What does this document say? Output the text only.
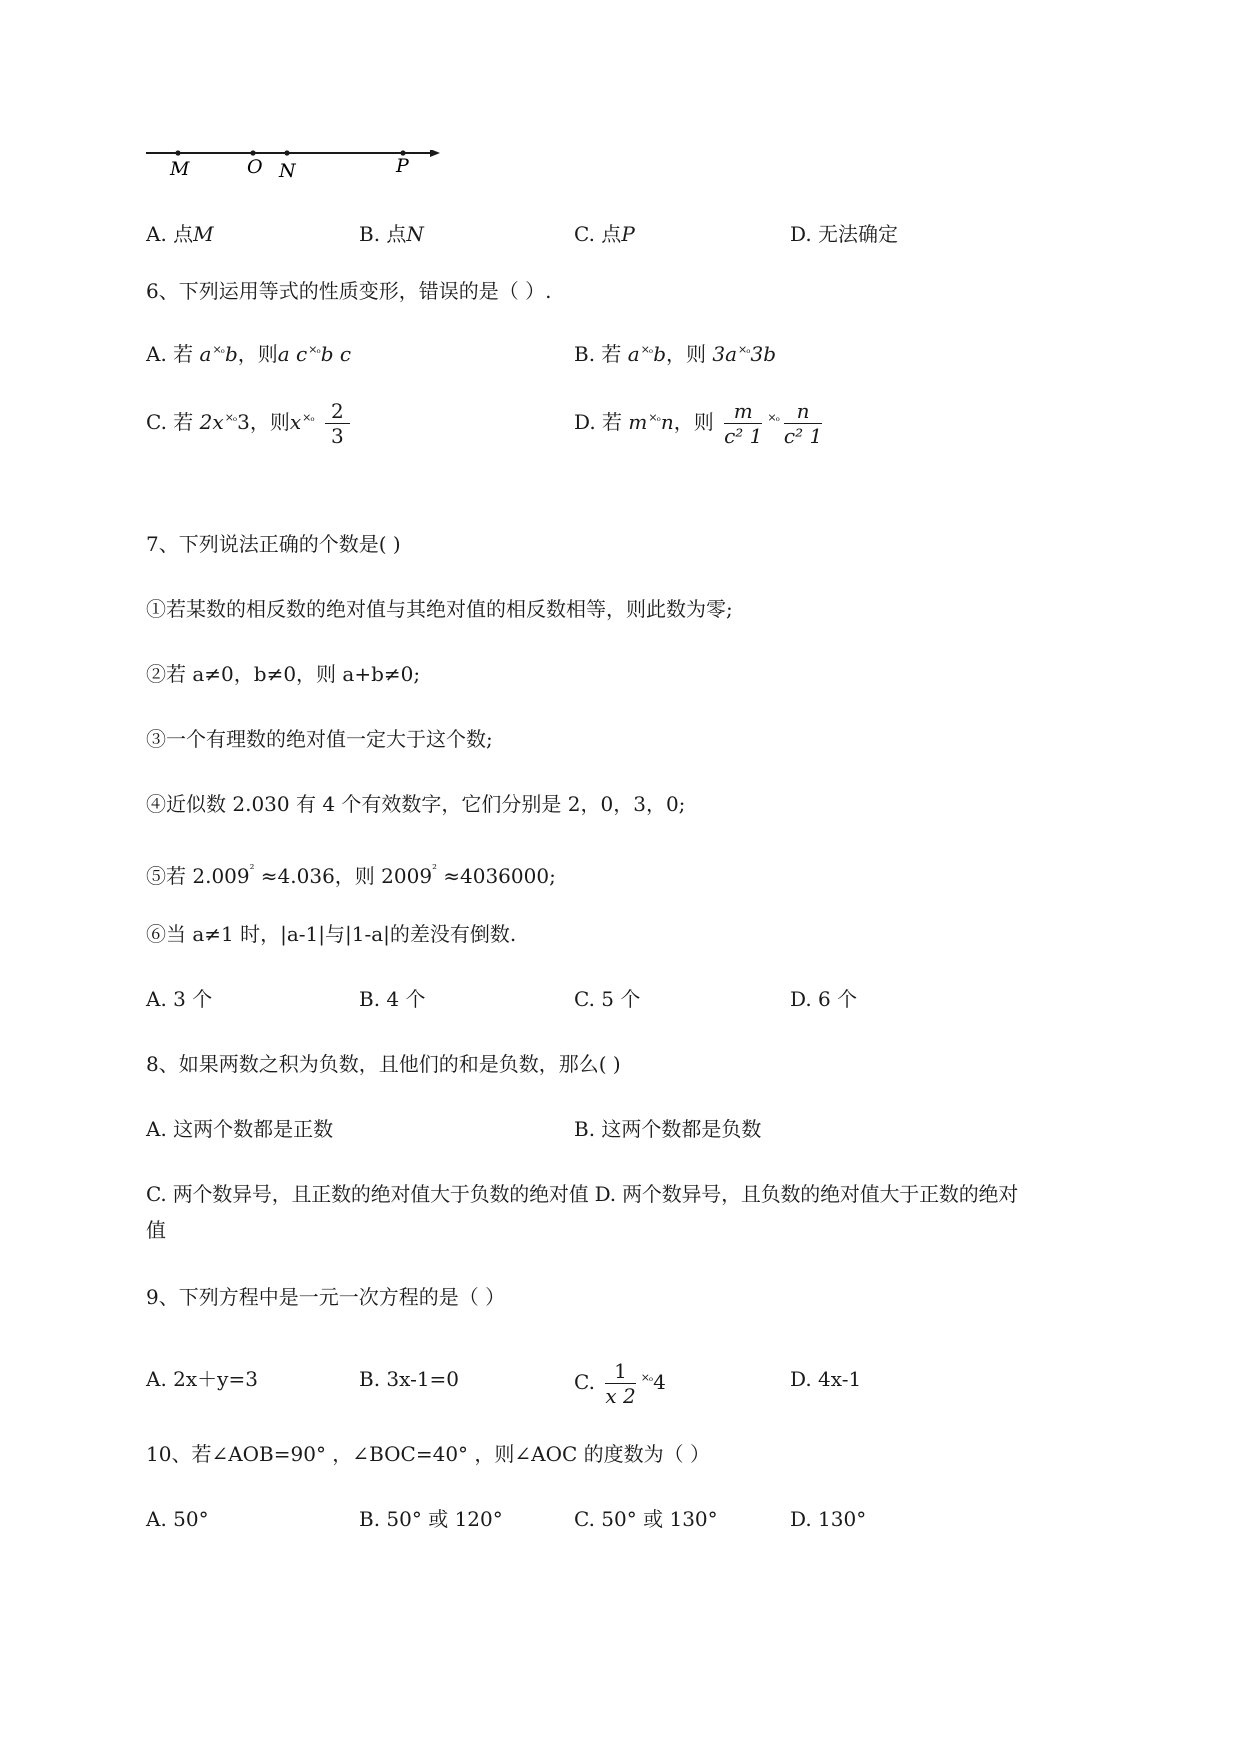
M	O N	P
A. 点M	B. 点N	C. 点P	D. 无法确定
6、下列运用等式的性质变形，错误的是（ ）.
A. 若 $a^{\times_o}b$，则a $c^{\times_o}b$ c	B. 若 $a^{\times_o}b$，则 $3a^{\times_o}3b$
C. 若 $2x^{\times_o}3$，则$x^{\times_o} \frac{2}{3}$	D. 若 $m^{\times_o}n$，则 $\frac{m}{\text{c² 1}} ^{\times_o} \frac{n}{\text{c² 1}}$
7、下列说法正确的个数是( )
①若某数的相反数的绝对值与其绝对值的相反数相等，则此数为零;
②若 a≠0，b≠0，则 a+b≠0;
③一个有理数的绝对值一定大于这个数;
④近似数 2.030 有 4 个有效数字，它们分别是 2，0，3，0;
⑤若 $2.009^{^2} \approx 4.036$，则 $2009^{^2} \approx 4036000$;
⑥当 a≠1 时，|a-1|与|1-a|的差没有倒数.
A. 3 个	B. 4 个	C. 5 个	D. 6 个
8、如果两数之积为负数，且他们的和是负数，那么( )
A. 这两个数都是正数	B. 这两个数都是负数
C. 两个数异号，且正数的绝对值大于负数的绝对值 D. 两个数异号，且负数的绝对值大于正数的绝对
值
9、下列方程中是一元一次方程的是（ ）
A. 2x＋y=3	B. 3x-1=0	C. $\frac{1}{x 2} ^{\times_o}4$	D. 4x-1
10、若∠AOB=90° ，∠BOC=40° ，则∠AOC 的度数为（ ）
A. 50°	B. 50° 或 120°	C. 50° 或 130°	D. 130°
